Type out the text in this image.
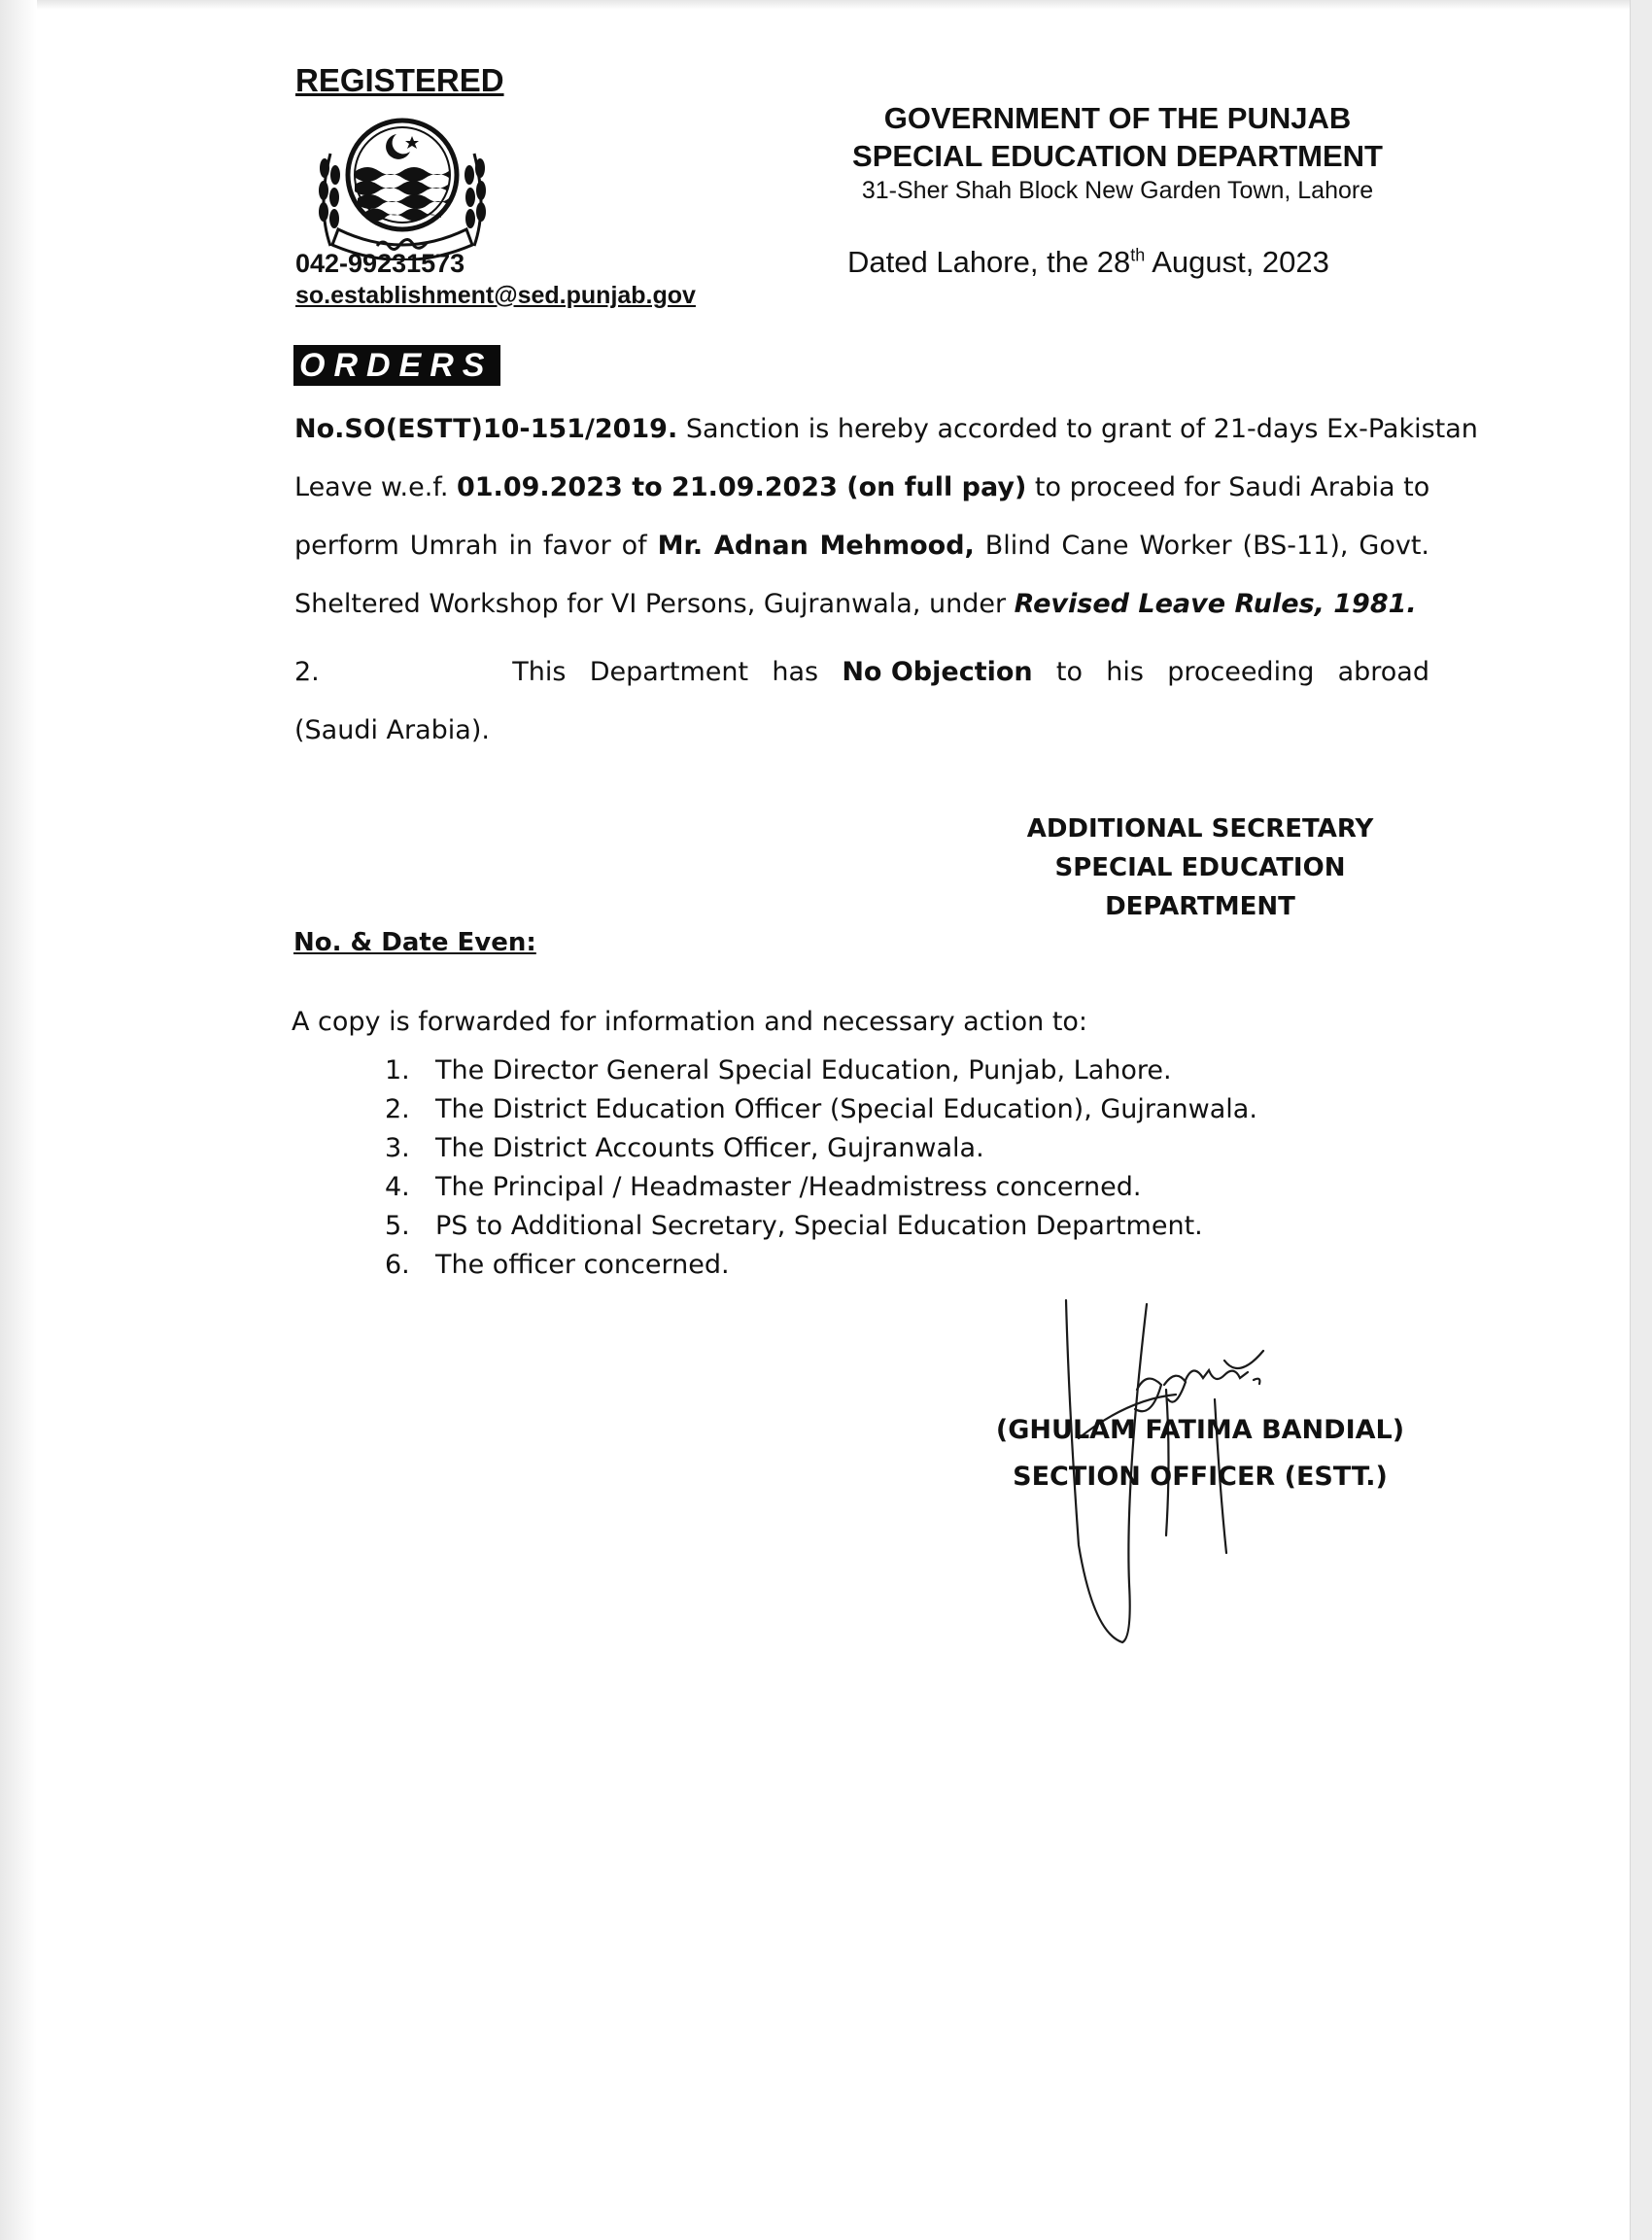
REGISTERED
042-99231573
so.establishment@sed.punjab.gov
GOVERNMENT OF THE PUNJAB
SPECIAL EDUCATION DEPARTMENT
31-Sher Shah Block New Garden Town, Lahore
Dated Lahore, the 28th August, 2023
ORDERS
No.SO(ESTT)10-151/2019. Sanction is hereby accorded to grant of 21-days Ex-Pakistan
Leave w.e.f. 01.09.2023 to 21.09.2023 (on full pay) to proceed for Saudi Arabia to
perform Umrah in favor of Mr. Adnan Mehmood, Blind Cane Worker (BS-11), Govt.
Sheltered Workshop for VI Persons, Gujranwala, under Revised Leave Rules, 1981.
2.	This Department has No Objection to his proceeding abroad
(Saudi Arabia).
ADDITIONAL SECRETARY
SPECIAL EDUCATION
DEPARTMENT
No. & Date Even:
A copy is forwarded for information and necessary action to:
1. The Director General Special Education, Punjab, Lahore.
2. The District Education Officer (Special Education), Gujranwala.
3. The District Accounts Officer, Gujranwala.
4. The Principal / Headmaster /Headmistress concerned.
5. PS to Additional Secretary, Special Education Department.
6. The officer concerned.
(GHULAM FATIMA BANDIAL)
SECTION OFFICER (ESTT.)
